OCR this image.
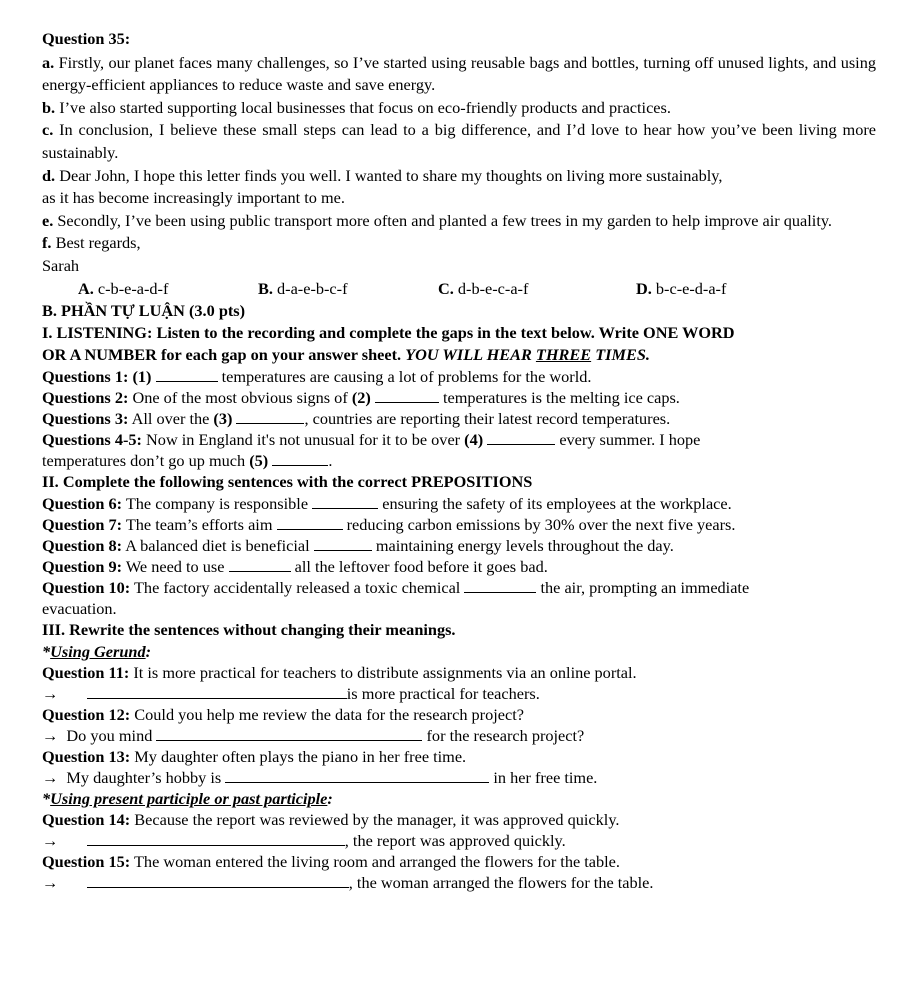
Question 35:

a. Firstly, our planet faces many challenges, so I’ve started using reusable bags and bottles, turning off unused lights, and using energy-efficient appliances to reduce waste and save energy.

b. I’ve also started supporting local businesses that focus on eco-friendly products and practices.

c. In conclusion, I believe these small steps can lead to a big difference, and I’d love to hear how you’ve been living more sustainably.

d. Dear John, I hope this letter finds you well. I wanted to share my thoughts on living more sustainably,
as it has become increasingly important to me.

e. Secondly, I’ve been using public transport more often and planted a few trees in my garden to help improve air quality.

f. Best regards,

Sarah

A. c-b-e-a-d-f	B. d-a-e-b-c-f	C. d-b-e-c-a-f	D. b-c-e-d-a-f

B. PHẦN TỰ LUẬN (3.0 pts)

I. LISTENING: Listen to the recording and complete the gaps in the text below. Write ONE WORD
OR A NUMBER for each gap on your answer sheet. YOU WILL HEAR THREE TIMES.

Questions 1: (1)	temperatures are causing a lot of problems for the world.

Questions 2: One of the most obvious signs of (2)	temperatures is the melting ice caps.

Questions 3: All over the (3)	, countries are reporting their latest record temperatures.

Questions 4-5: Now in England it's not unusual for it to be over (4)	every summer. I hope
temperatures don’t go up much (5)	.

II. Complete the following sentences with the correct PREPOSITIONS

Question 6: The company is responsible	ensuring the safety of its employees at the workplace.

Question 7: The team’s efforts aim	reducing carbon emissions by 30% over the next five years.

Question 8: A balanced diet is beneficial	maintaining energy levels throughout the day.

Question 9: We need to use	all the leftover food before it goes bad.

Question 10: The factory accidentally released a toxic chemical	the air, prompting an immediate
evacuation.

III. Rewrite the sentences without changing their meanings.

*Using Gerund:

Question 11: It is more practical for teachers to distribute assignments via an online portal.

→	is more practical for teachers.

Question 12: Could you help me review the data for the research project?

→ Do you mind	for the research project?

Question 13: My daughter often plays the piano in her free time.

→ My daughter’s hobby is	in her free time.

*Using present participle or past participle:

Question 14: Because the report was reviewed by the manager, it was approved quickly.

→	, the report was approved quickly.

Question 15: The woman entered the living room and arranged the flowers for the table.

→	, the woman arranged the flowers for the table.
